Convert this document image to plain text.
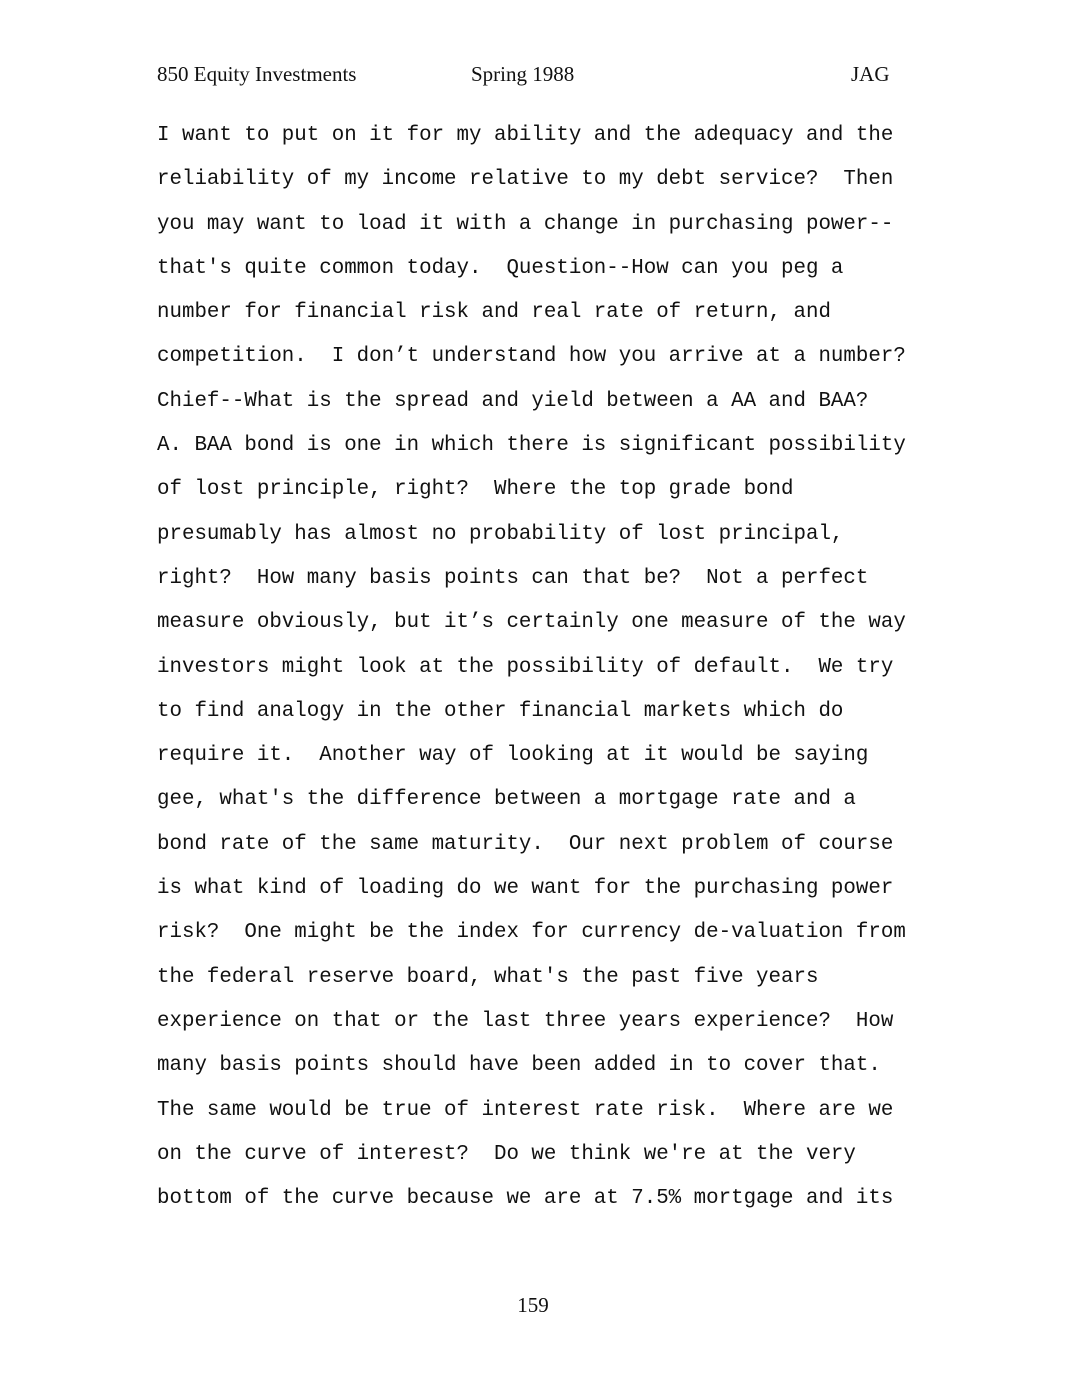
850 Equity Investments	Spring 1988	JAG
I want to put on it for my ability and the adequacy and the
reliability of my income relative to my debt service?  Then
you may want to load it with a change in purchasing power--
that's quite common today.  Question--How can you peg a
number for financial risk and real rate of return, and
competition.  I don’t understand how you arrive at a number?
Chief--What is the spread and yield between a AA and BAA?
A. BAA bond is one in which there is significant possibility
of lost principle, right?  Where the top grade bond
presumably has almost no probability of lost principal,
right?  How many basis points can that be?  Not a perfect
measure obviously, but it’s certainly one measure of the way
investors might look at the possibility of default.  We try
to find analogy in the other financial markets which do
require it.  Another way of looking at it would be saying
gee, what's the difference between a mortgage rate and a
bond rate of the same maturity.  Our next problem of course
is what kind of loading do we want for the purchasing power
risk?  One might be the index for currency de-valuation from
the federal reserve board, what's the past five years
experience on that or the last three years experience?  How
many basis points should have been added in to cover that.
The same would be true of interest rate risk.  Where are we
on the curve of interest?  Do we think we're at the very
bottom of the curve because we are at 7.5% mortgage and its
159
